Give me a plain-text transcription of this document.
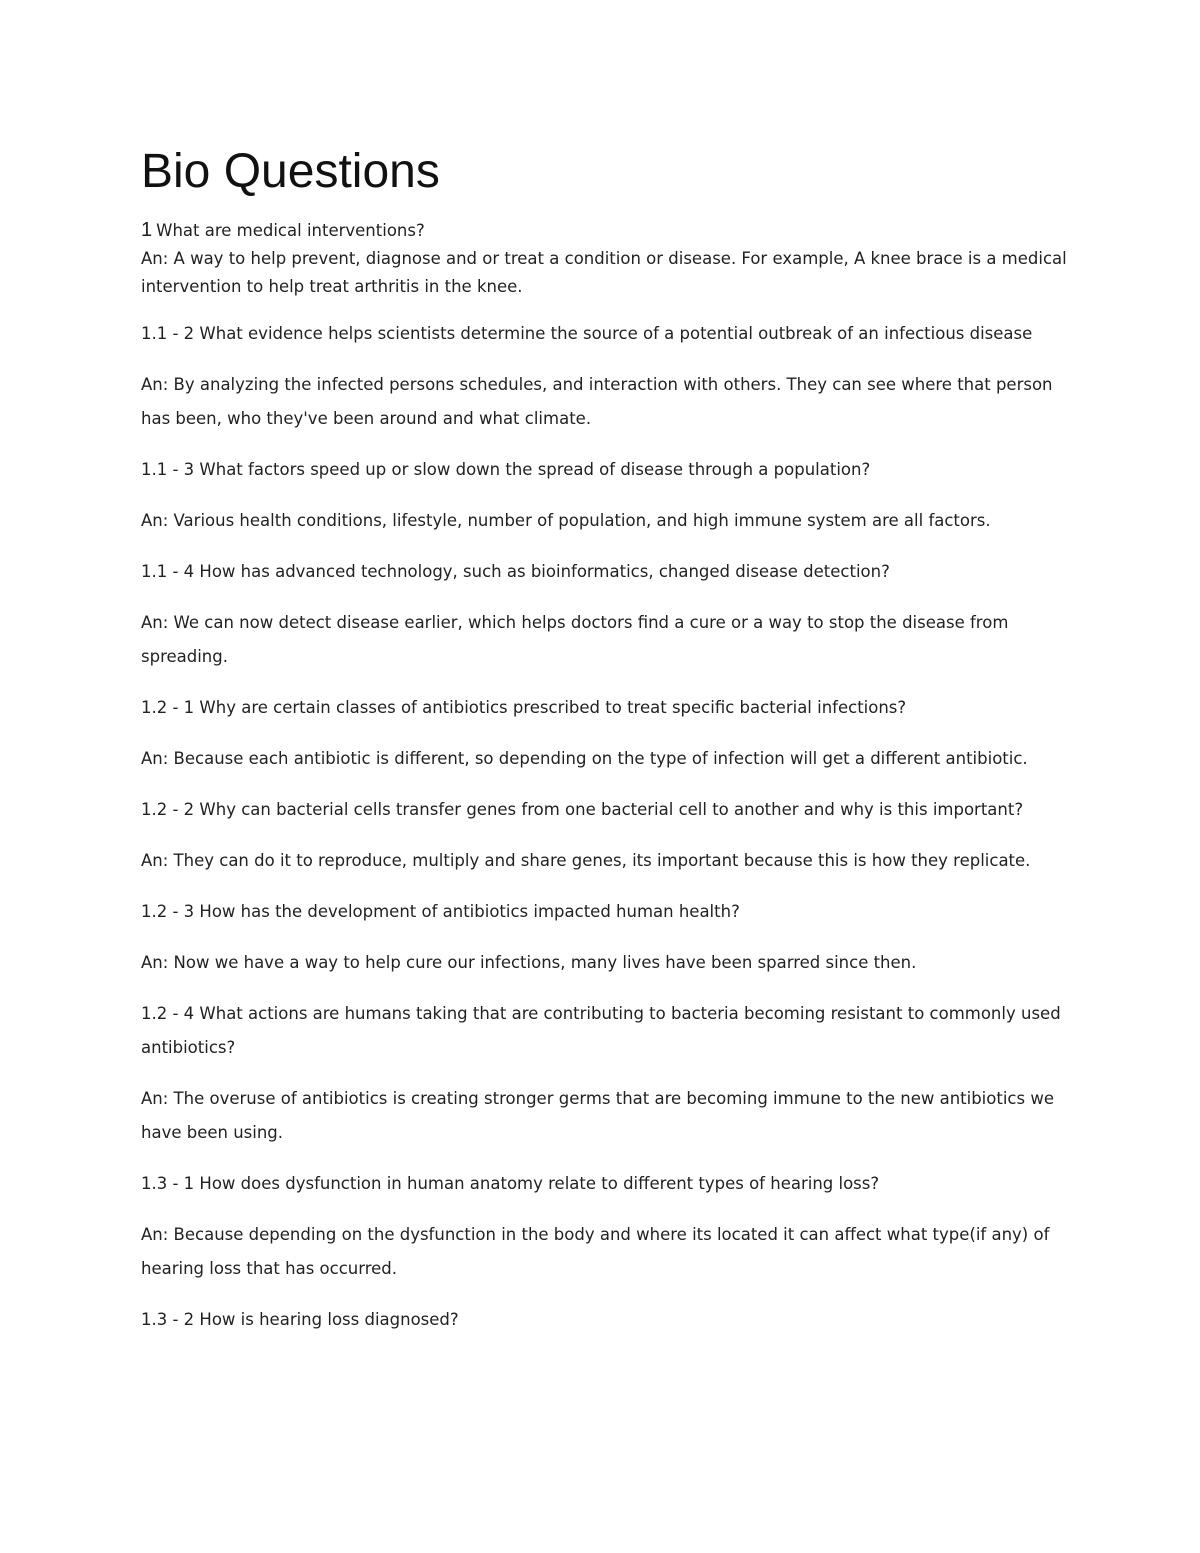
Bio Questions

1 What are medical interventions?

An: A way to help prevent, diagnose and or treat a condition or disease. For example, A knee brace is a medical intervention to help treat arthritis in the knee.

1.1 - 2 What evidence helps scientists determine the source of a potential outbreak of an infectious disease

An: By analyzing the infected persons schedules, and interaction with others. They can see where that person has been, who they've been around and what climate.

1.1 - 3 What factors speed up or slow down the spread of disease through a population?

An: Various health conditions, lifestyle, number of population, and high immune system are all factors.

1.1 - 4 How has advanced technology, such as bioinformatics, changed disease detection?

An: We can now detect disease earlier, which helps doctors find a cure or a way to stop the disease from spreading.

1.2 - 1 Why are certain classes of antibiotics prescribed to treat specific bacterial infections?

An: Because each antibiotic is different, so depending on the type of infection will get a different antibiotic.

1.2 - 2 Why can bacterial cells transfer genes from one bacterial cell to another and why is this important?

An: They can do it to reproduce, multiply and share genes, its important because this is how they replicate.

1.2 - 3 How has the development of antibiotics impacted human health?

An: Now we have a way to help cure our infections, many lives have been sparred since then.

1.2 - 4 What actions are humans taking that are contributing to bacteria becoming resistant to commonly used antibiotics?

An: The overuse of antibiotics is creating stronger germs that are becoming immune to the new antibiotics we have been using.

1.3 - 1 How does dysfunction in human anatomy relate to different types of hearing loss?

An: Because depending on the dysfunction in the body and where its located it can affect what type(if any) of hearing loss that has occurred.

1.3 - 2 How is hearing loss diagnosed?
